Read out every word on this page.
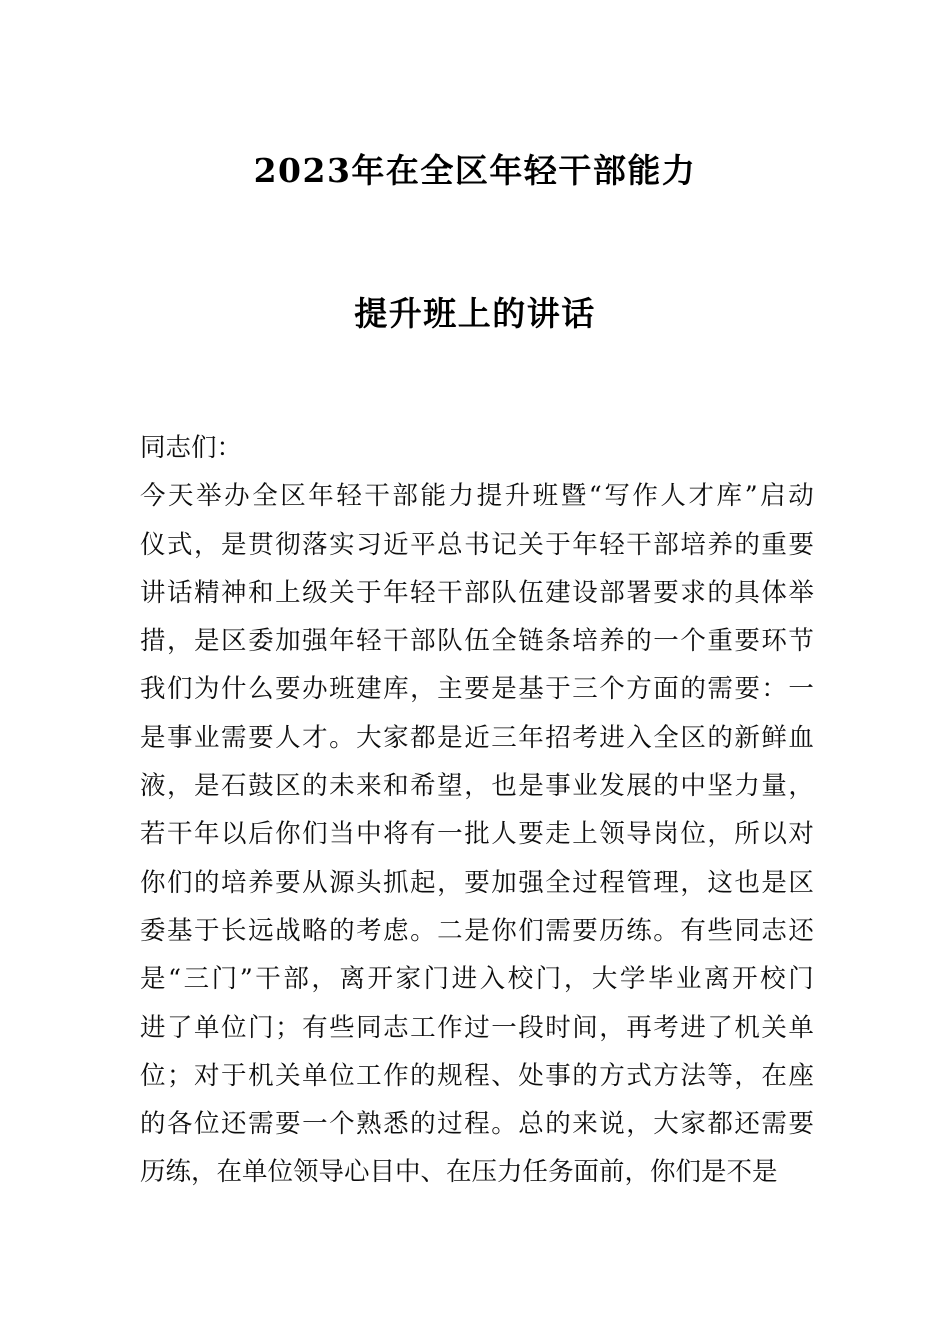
2023年在全区年轻干部能力
提升班上的讲话
同志们：
今 天 举 办 全 区 年 轻 干 部 能 力 提 升 班 暨 “ 写 作 人 才 库 ” 启 动
仪 式 ， 是 贯 彻 落 实 习 近 平 总 书 记 关 于 年 轻 干 部 培 养 的 重 要
讲 话 精 神 和 上 级 关 于 年 轻 干 部 队 伍 建 设 部 署 要 求 的 具 体 举
措 ， 是 区 委 加 强 年 轻 干 部 队 伍 全 链 条 培 养 的 一 个 重 要 环 节
我 们 为 什 么 要 办 班 建 库 ， 主 要 是 基 于 三 个 方 面 的 需 要 ： 一
是 事 业 需 要 人 才 。 大 家 都 是 近 三 年 招 考 进 入 全 区 的 新 鲜 血
液 ， 是 石 鼓 区 的 未 来 和 希 望 ， 也 是 事 业 发 展 的 中 坚 力 量 ，
若 干 年 以 后 你 们 当 中 将 有 一 批 人 要 走 上 领 导 岗 位 ， 所 以 对
你 们 的 培 养 要 从 源 头 抓 起 ， 要 加 强 全 过 程 管 理 ， 这 也 是 区
委 基 于 长 远 战 略 的 考 虑 。 二 是 你 们 需 要 历 练 。 有 些 同 志 还
是 “ 三 门 ” 干 部 ， 离 开 家 门 进 入 校 门 ， 大 学 毕 业 离 开 校 门
进 了 单 位 门 ； 有 些 同 志 工 作 过 一 段 时 间 ， 再 考 进 了 机 关 单
位 ； 对 于 机 关 单 位 工 作 的 规 程 、 处 事 的 方 式 方 法 等 ， 在 座
的 各 位 还 需 要 一 个 熟 悉 的 过 程 。 总 的 来 说 ， 大 家 都 还 需 要
历练，在单位领导心目中、在压力任务面前，你们是不是
